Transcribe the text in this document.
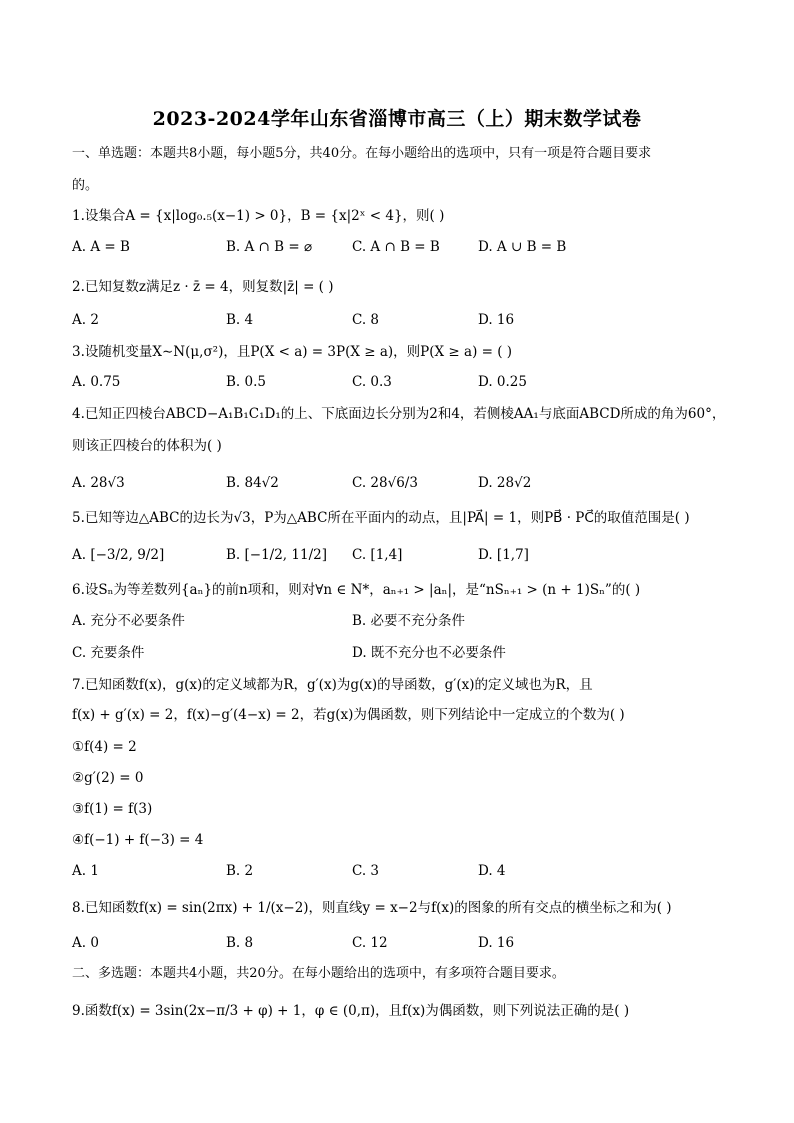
2023-2024学年山东省淄博市高三（上）期末数学试卷
一、单选题：本题共8小题，每小题5分，共40分。在每小题给出的选项中，只有一项是符合题目要求
的。
1.设集合A = {x|log₀.₅(x−1) > 0}，B = {x|2ˣ < 4}，则( )
A. A = B	B. A ∩ B = ⌀	C. A ∩ B = B	D. A ∪ B = B
2.已知复数z满足z · z̄ = 4，则复数|z̄| = ( )
A. 2	B. 4	C. 8	D. 16
3.设随机变量X∼N(μ,σ²)，且P(X < a) = 3P(X ≥ a)，则P(X ≥ a) = ( )
A. 0.75	B. 0.5	C. 0.3	D. 0.25
4.已知正四棱台ABCD−A₁B₁C₁D₁的上、下底面边长分别为2和4，若侧棱AA₁与底面ABCD所成的角为60°，
则该正四棱台的体积为( )
A. 28√3	B. 84√2	C. 28√6/3	D. 28√2
5.已知等边△ABC的边长为√3，P为△ABC所在平面内的动点，且|PA⃗| = 1，则PB⃗ · PC⃗的取值范围是( )
A. [−3/2, 9/2]	B. [−1/2, 11/2] C. [1,4]	D. [1,7]
6.设Sₙ为等差数列{aₙ}的前n项和，则对∀n ∈ N*，aₙ₊₁ > |aₙ|，是“nSₙ₊₁ > (n + 1)Sₙ”的( )
A. 充分不必要条件	B. 必要不充分条件
C. 充要条件	D. 既不充分也不必要条件
7.已知函数f(x)，g(x)的定义域都为R，g′(x)为g(x)的导函数，g′(x)的定义域也为R，且
f(x) + g′(x) = 2，f(x)−g′(4−x) = 2，若g(x)为偶函数，则下列结论中一定成立的个数为( )
①f(4) = 2
②g′(2) = 0
③f(1) = f(3)
④f(−1) + f(−3) = 4
A. 1	B. 2	C. 3	D. 4
8.已知函数f(x) = sin(2πx) + 1/(x−2)，则直线y = x−2与f(x)的图象的所有交点的横坐标之和为( )
A. 0	B. 8	C. 12	D. 16
二、多选题：本题共4小题，共20分。在每小题给出的选项中，有多项符合题目要求。
9.函数f(x) = 3sin(2x−π/3 + φ) + 1，φ ∈ (0,π)，且f(x)为偶函数，则下列说法正确的是( )
